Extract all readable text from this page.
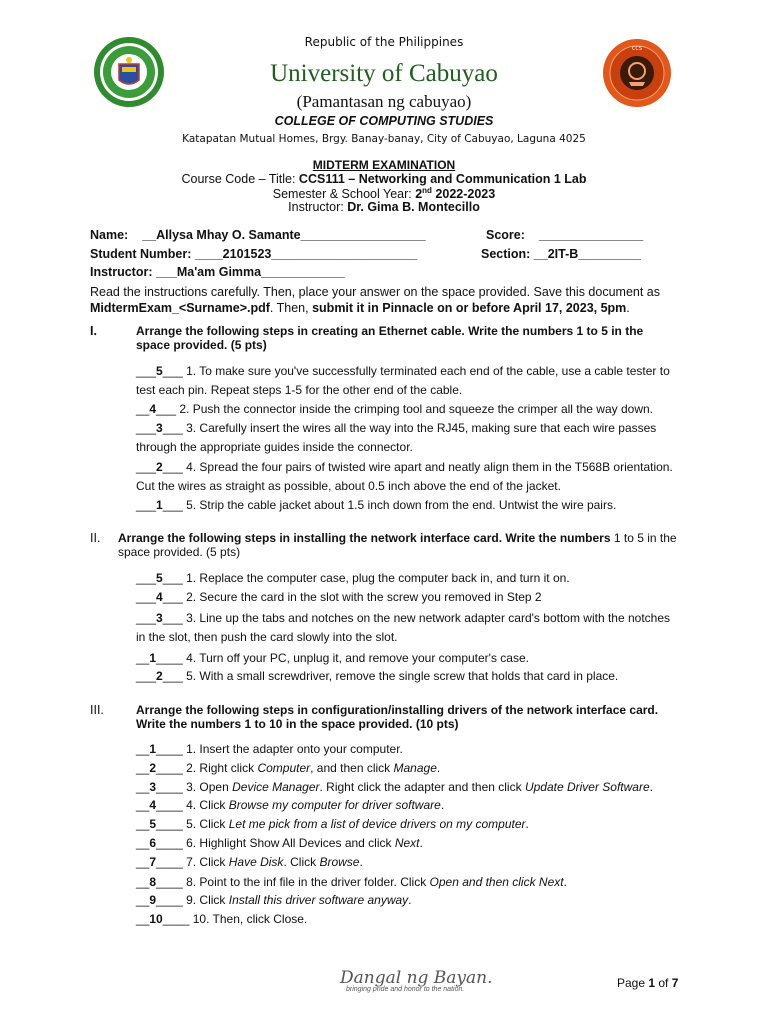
CCS
Republic of the Philippines
University of Cabuyao
(Pamantasan ng cabuyao)
COLLEGE OF COMPUTING STUDIES
Katapatan Mutual Homes, Brgy. Banay-banay, City of Cabuyao, Laguna 4025
MIDTERM EXAMINATION
Course Code – Title: CCS111 – Networking and Communication 1 Lab
Semester & School Year: 2nd 2022-2023
Instructor: Dr. Gima B. Montecillo
Name: __Allysa Mhay O. Samante__________________	Score: _______________
Student Number: ____2101523_____________________	Section: __2IT-B_________
Instructor: ___Ma'am Gimma____________
Read the instructions carefully. Then, place your answer on the space provided. Save this document as
MidtermExam_<Surname>.pdf. Then, submit it in Pinnacle on or before April 17, 2023, 5pm.
I.	Arrange the following steps in creating an Ethernet cable. Write the numbers 1 to 5 in the space provided. (5 pts)
___5___ 1. To make sure you've successfully terminated each end of the cable, use a cable tester to test each pin. Repeat steps 1-5 for the other end of the cable.
__4___ 2. Push the connector inside the crimping tool and squeeze the crimper all the way down.
___3___ 3. Carefully insert the wires all the way into the RJ45, making sure that each wire passes through the appropriate guides inside the connector.
___2___ 4. Spread the four pairs of twisted wire apart and neatly align them in the T568B orientation. Cut the wires as straight as possible, about 0.5 inch above the end of the jacket.
___1___ 5. Strip the cable jacket about 1.5 inch down from the end. Untwist the wire pairs.
II. Arrange the following steps in installing the network interface card. Write the numbers 1 to 5 in the space provided. (5 pts)
___5___ 1. Replace the computer case, plug the computer back in, and turn it on.
___4___ 2. Secure the card in the slot with the screw you removed in Step 2
___3___ 3. Line up the tabs and notches on the new network adapter card's bottom with the notches in the slot, then push the card slowly into the slot.
__1____ 4. Turn off your PC, unplug it, and remove your computer's case.
___2___ 5. With a small screwdriver, remove the single screw that holds that card in place.
III.	Arrange the following steps in configuration/installing drivers of the network interface card. Write the numbers 1 to 10 in the space provided. (10 pts)
__1____ 1. Insert the adapter onto your computer.
__2____ 2. Right click Computer, and then click Manage.
__3____ 3. Open Device Manager. Right click the adapter and then click Update Driver Software.
__4____ 4. Click Browse my computer for driver software.
__5____ 5. Click Let me pick from a list of device drivers on my computer.
__6____ 6. Highlight Show All Devices and click Next.
__7____ 7. Click Have Disk. Click Browse.
__8____ 8. Point to the inf file in the driver folder. Click Open and then click Next.
__9____ 9. Click Install this driver software anyway.
__10____ 10. Then, click Close.
Dangal ng Bayan.
bringing pride and honor to the nation.	Page 1 of 7
